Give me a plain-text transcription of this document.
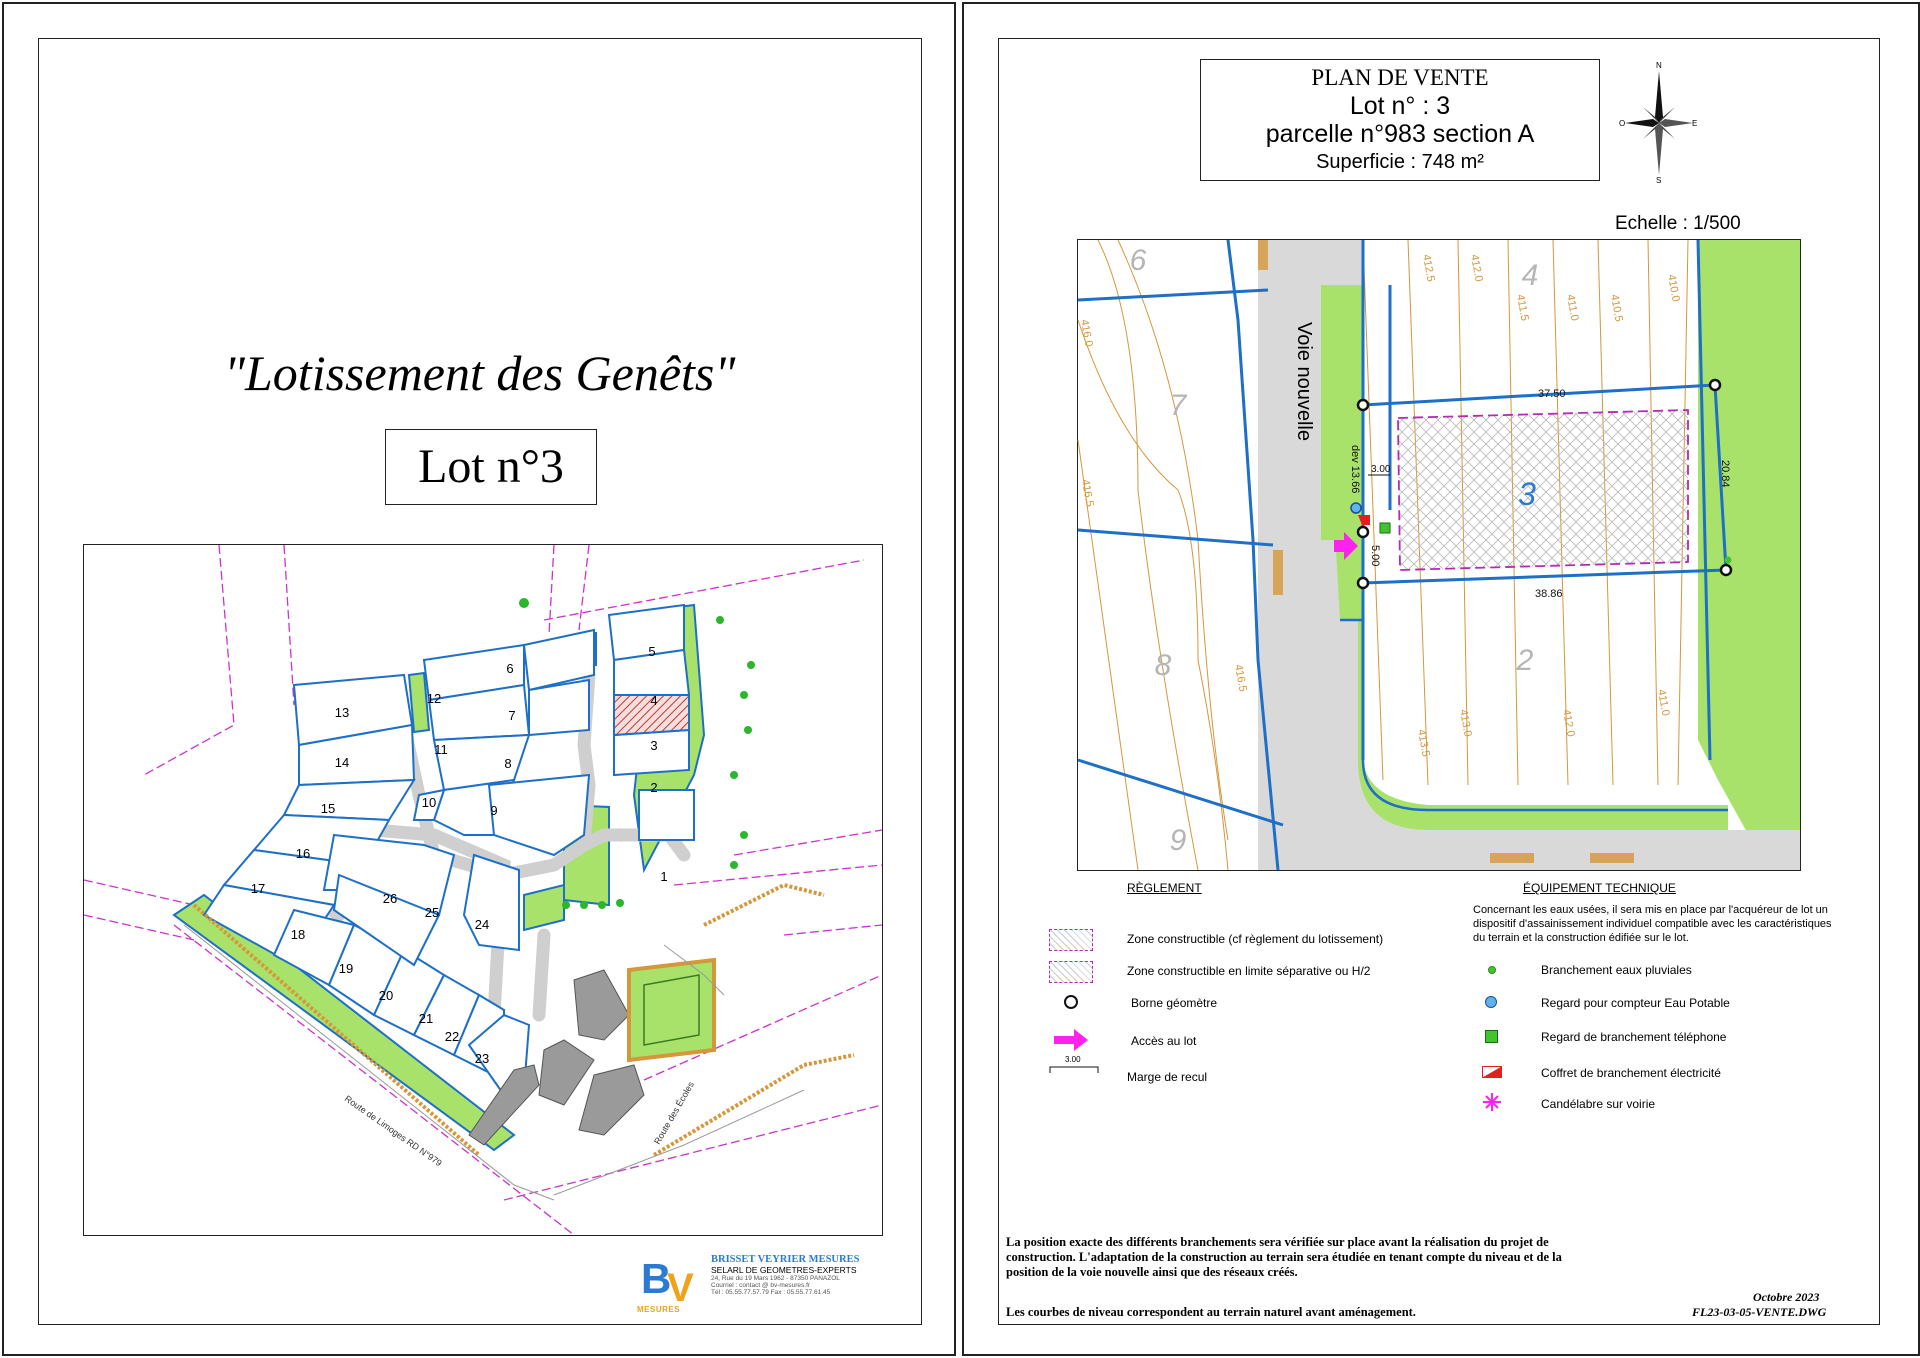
"Lotissement des Genêts"
Lot n°3
1
2
3
4
5
6
7
8
9
10
11
12
13
14
15
16
17
18
19
20
21
22
23
24
25
26
Route de Limoges RD N°979	Route des Écoles
B
V
MESURES
BRISSET VEYRIER MESURES
SELARL DE GEOMETRES-EXPERTS
24, Rue du 19 Mars 1962 - 87350 PANAZOL
Courriel : contact @ bv-mesures.fr
Tél : 05.55.77.57.79 Fax : 05.55.77.61.45
PLAN DE VENTE
Lot n° : 3
parcelle n°983 section A
Superficie : 748 m²
N
S
E
O
Echelle : 1/500
6
7
8
9
4
2
3
Voie nouvelle	37.50
20.84
38.86
dev 13.66 3.00
5.00
412.5	412.0
411.5	411.0	410.5
410.0
416.0
416.5
416.5
413.5
413.0	412.0
411.0
RÈGLEMENT
Zone constructible (cf règlement du lotissement)
Zone constructible en limite séparative ou H/2
Borne géomètre
Accès au lot
3.00
Marge de recul
ÉQUIPEMENT TECHNIQUE
Concernant les eaux usées, il sera mis en place par l'acquéreur de lot un dispositif d'assainissement individuel compatible avec les caractéristiques du terrain et la construction édifiée sur le lot.
Branchement eaux pluviales
Regard pour compteur Eau Potable
Regard de branchement téléphone
Coffret de branchement électricité
Candélabre sur voirie
La position exacte des différents branchements sera vérifiée sur place avant la réalisation du projet de construction. L'adaptation de la construction au terrain sera étudiée en tenant compte du niveau et de la position de la voie nouvelle ainsi que des réseaux créés.
Les courbes de niveau correspondent au terrain naturel avant aménagement.
Octobre 2023
FL23-03-05-VENTE.DWG
